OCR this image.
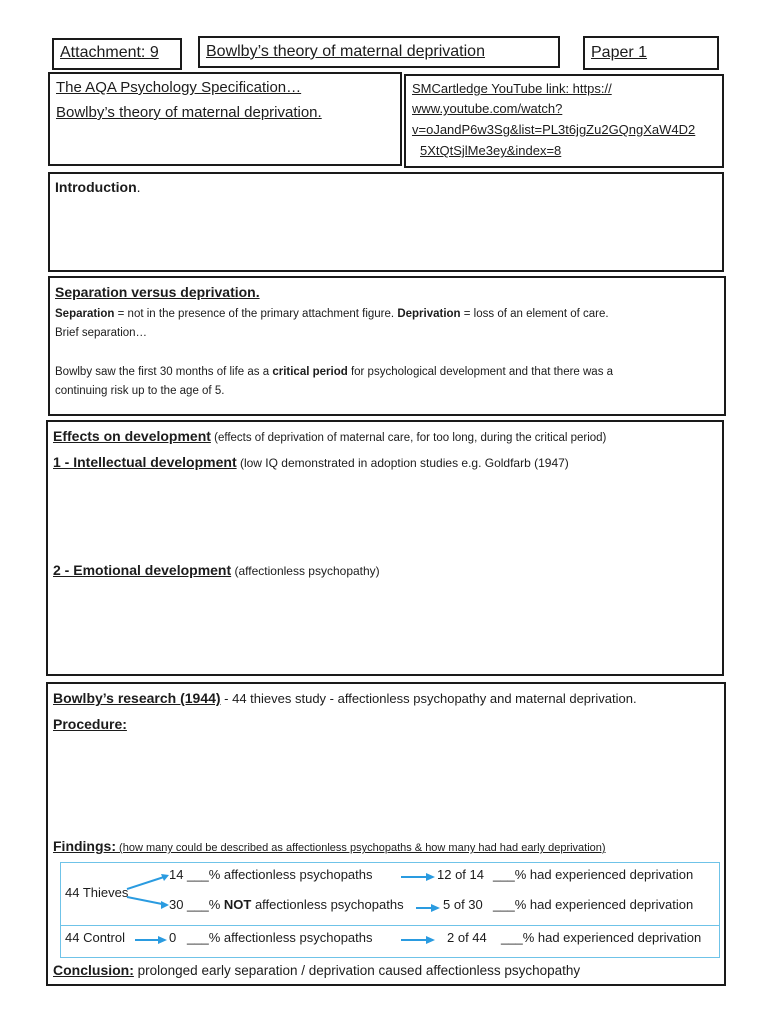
Attachment: 9	Bowlby’s theory of maternal deprivation	Paper 1
The AQA Psychology Specification…
Bowlby’s theory of maternal deprivation.
SMCartledge YouTube link: https://
www.youtube.com/watch?
v=oJandP6w3Sg&list=PL3t6jgZu2GQngXaW4D2
5XtQtSjlMe3ey&index=8
Introduction.
Separation versus deprivation.
Separation = not in the presence of the primary attachment figure. Deprivation = loss of an element of care.
Brief separation…
Bowlby saw the first 30 months of life as a critical period for psychological development and that there was a
continuing risk up to the age of 5.
Effects on development (effects of deprivation of maternal care, for too long, during the critical period)
1 - Intellectual development (low IQ demonstrated in adoption studies e.g. Goldfarb (1947)
2 - Emotional development (affectionless psychopathy)
Bowlby’s research (1944) - 44 thieves study - affectionless psychopathy and maternal deprivation.
Procedure:
Findings: (how many could be described as affectionless psychopaths & how many had had early deprivation)
44 Thieves
14 ___% affectionless psychopaths	12 of 14 ___% had experienced deprivation
30 ___% NOT affectionless psychopaths	5 of 30 ___% had experienced deprivation
44 Control	0 ___% affectionless psychopaths	2 of 44 ___% had experienced deprivation
Conclusion: prolonged early separation / deprivation caused affectionless psychopathy
